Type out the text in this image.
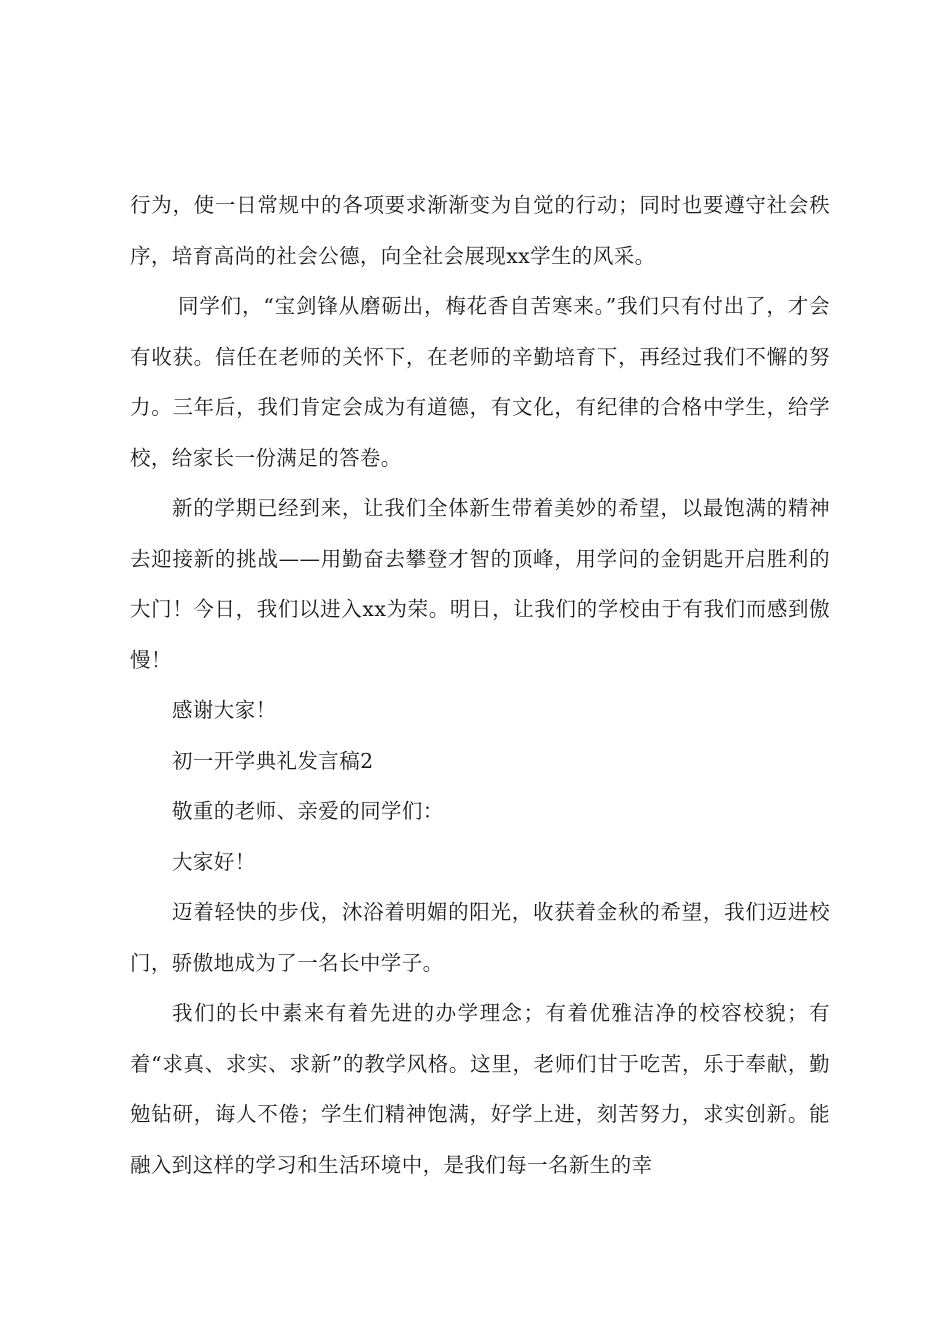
行为，使一日常规中的各项要求渐渐变为自觉的行动；同时也要遵守社会秩序，培育高尚的社会公德，向全社会展现xx学生的风采。

同学们，“宝剑锋从磨砺出，梅花香自苦寒来。”我们只有付出了，才会有收获。信任在老师的关怀下，在老师的辛勤培育下，再经过我们不懈的努力。三年后，我们肯定会成为有道德，有文化，有纪律的合格中学生，给学校，给家长一份满足的答卷。

新的学期已经到来，让我们全体新生带着美妙的希望，以最饱满的精神去迎接新的挑战——用勤奋去攀登才智的顶峰，用学问的金钥匙开启胜利的大门！今日，我们以进入xx为荣。明日，让我们的学校由于有我们而感到傲慢！

感谢大家！

初一开学典礼发言稿2

敬重的老师、亲爱的同学们：

大家好！

迈着轻快的步伐，沐浴着明媚的阳光，收获着金秋的希望，我们迈进校门，骄傲地成为了一名长中学子。

我们的长中素来有着先进的办学理念；有着优雅洁净的校容校貌；有着“求真、求实、求新”的教学风格。这里，老师们甘于吃苦，乐于奉献，勤勉钻研，诲人不倦；学生们精神饱满，好学上进，刻苦努力，求实创新。能融入到这样的学习和生活环境中，是我们每一名新生的幸
